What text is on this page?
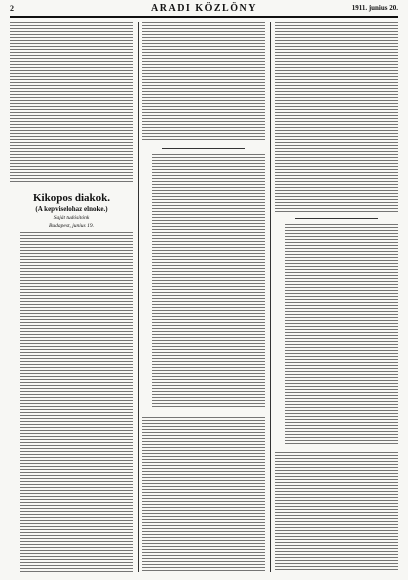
2	ARADI KÖZLÖNY	1911. junius 20.
Kikopos diakok.
(A kepviselohaz elnoke.)
Saját tudósítónk
Budapest, junius 19.
